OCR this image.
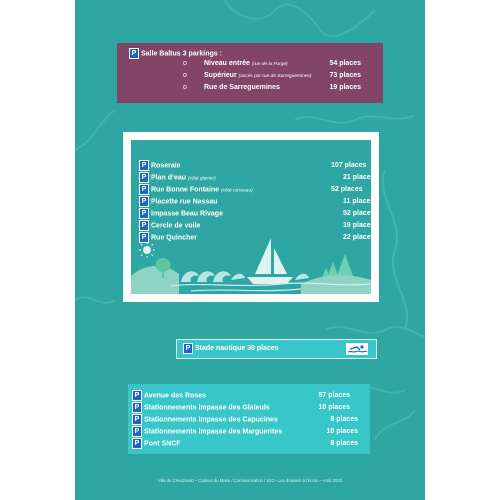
P Salle Baltus 3 parkings :
o Niveau entrée (rue de la Forge)	54 places
o Supérieur (accès par rue de Sarreguemines)	73 places
o Rue de Sarreguemines	19 places
P Roseraie	107 places
P Plan d’eau (côté glacier)	21 places
P Rue Bonne Fontaine (côté ruisseau)	52 places
P Placette rue Nassau	11 places
P Impasse Beau Rivage	52 places
P Cercle de voile	19 places
P Rue Quincher	22 places
P Stade nautique 30 places
P Avenue des Roses	57 places
P Stationnements impasse des Glaïeuls	10 places
P Stationnements impasse des Capucines	8 places
P Stationnements impasse des Marguerites	10 places
P Pont SNCF	8 places
Ville de Creutzwald – Cabinet du Maire / Communication / S2C– Les dossiers à l’écran – Août 2022
